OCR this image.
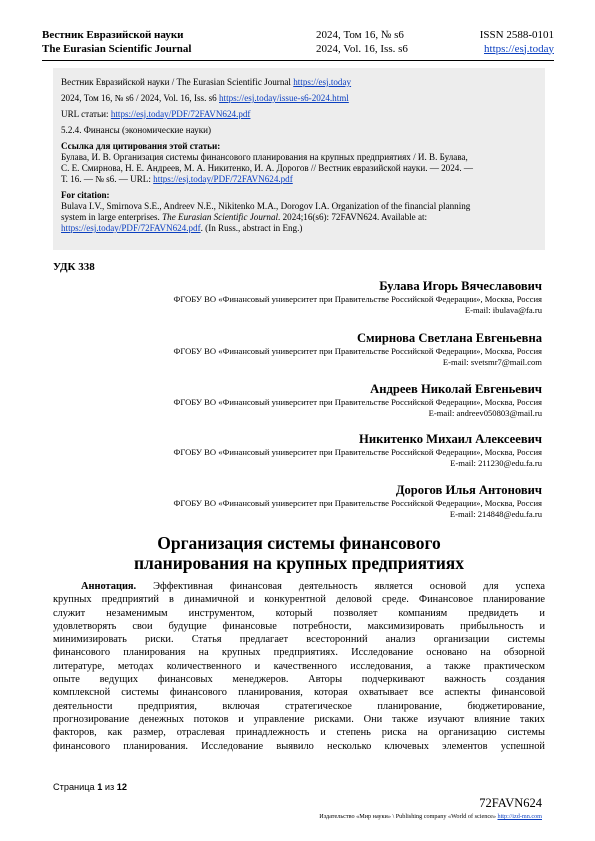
Вестник Евразийской науки
The Eurasian Scientific Journal
2024, Том 16, № s6
2024, Vol. 16, Iss. s6
ISSN 2588-0101
https://esj.today

Вестник Евразийской науки / The Eurasian Scientific Journal https://esj.today

2024, Том 16, № s6 / 2024, Vol. 16, Iss. s6 https://esj.today/issue-s6-2024.html

URL статьи: https://esj.today/PDF/72FAVN624.pdf

5.2.4. Финансы (экономические науки)

Ссылка для цитирования этой статьи:
Булава, И. В. Организация системы финансового планирования на крупных предприятиях / И. В. Булава,
С. Е. Смирнова, Н. Е. Андреев, М. А. Никитенко, И. А. Дорогов // Вестник евразийской науки. — 2024. —
Т. 16. — № s6. — URL: https://esj.today/PDF/72FAVN624.pdf
For citation:
Bulava I.V., Smirnova S.E., Andreev N.E., Nikitenko M.A., Dorogov I.A. Organization of the financial planning
system in large enterprises. The Eurasian Scientific Journal. 2024;16(s6): 72FAVN624. Available at:
https://esj.today/PDF/72FAVN624.pdf. (In Russ., abstract in Eng.)
УДК 338
Булава Игорь Вячеславович
ФГОБУ ВО «Финансовый университет при Правительстве Российской Федерации», Москва, Россия
E-mail: ibulava@fa.ru
Смирнова Светлана Евгеньевна
ФГОБУ ВО «Финансовый университет при Правительстве Российской Федерации», Москва, Россия
E-mail: svetsmr7@mail.com
Андреев Николай Евгеньевич
ФГОБУ ВО «Финансовый университет при Правительстве Российской Федерации», Москва, Россия
E-mail: andreev050803@mail.ru
Никитенко Михаил Алексеевич
ФГОБУ ВО «Финансовый университет при Правительстве Российской Федерации», Москва, Россия
E-mail: 211230@edu.fa.ru
Дорогов Илья Антонович
ФГОБУ ВО «Финансовый университет при Правительстве Российской Федерации», Москва, Россия
E-mail: 214848@edu.fa.ru
Организация системы финансового
планирования на крупных предприятиях
Аннотация. Эффективная финансовая деятельность является основой для успеха
крупных предприятий в динамичной и конкурентной деловой среде. Финансовое планирование
служит незаменимым инструментом, который позволяет компаниям предвидеть и
удовлетворять свои будущие финансовые потребности, максимизировать прибыльность и
минимизировать риски. Статья предлагает всесторонний анализ организации системы
финансового планирования на крупных предприятиях. Исследование основано на обзорной
литературе, методах количественного и качественного исследования, а также практическом
опыте ведущих финансовых менеджеров. Авторы подчеркивают важность создания
комплексной системы финансового планирования, которая охватывает все аспекты финансовой
деятельности предприятия, включая стратегическое планирование, бюджетирование,
прогнозирование денежных потоков и управление рисками. Они также изучают влияние таких
факторов, как размер, отраслевая принадлежность и степень риска на организацию системы
финансового планирования. Исследование выявило несколько ключевых элементов успешной
Страница 1 из 12
72FAVN624
Издательство «Мир науки» \ Publishing company «World of science» http://izd-mn.com
